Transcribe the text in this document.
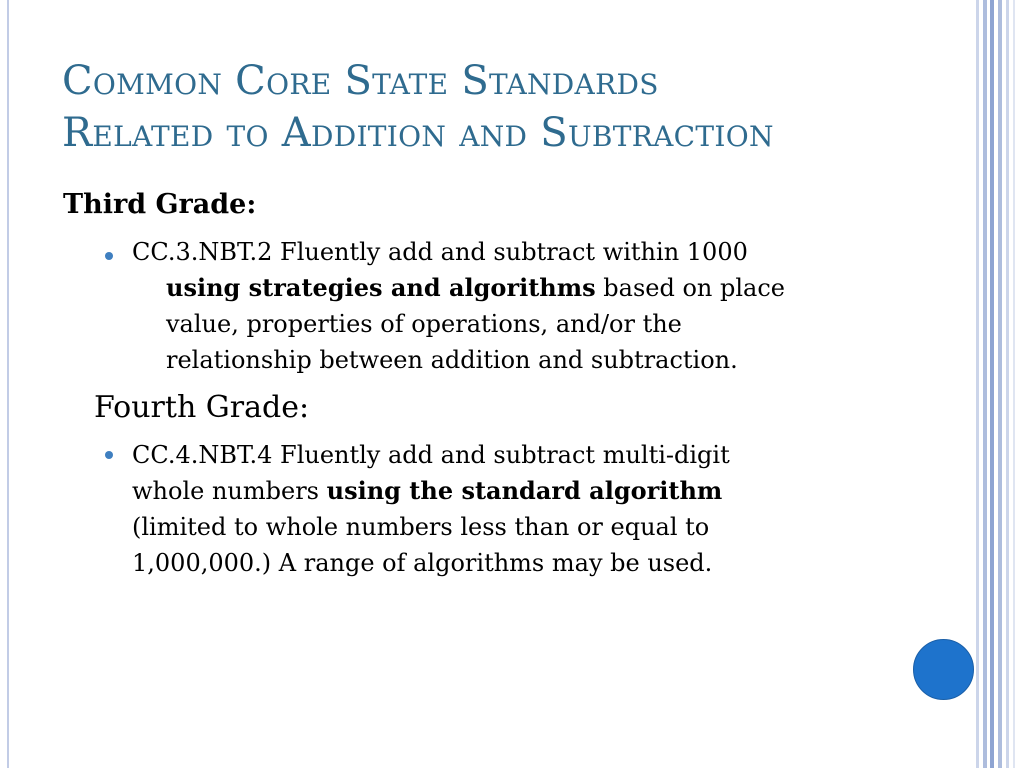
Common Core State Standards
Related to Addition and Subtraction
Third Grade:
CC.3.NBT.2 Fluently add and subtract within 1000
using strategies and algorithms based on place
value, properties of operations, and/or the
relationship between addition and subtraction.
Fourth Grade:
CC.4.NBT.4 Fluently add and subtract multi-digit
whole numbers using the standard algorithm
(limited to whole numbers less than or equal to
1,000,000.) A range of algorithms may be used.
